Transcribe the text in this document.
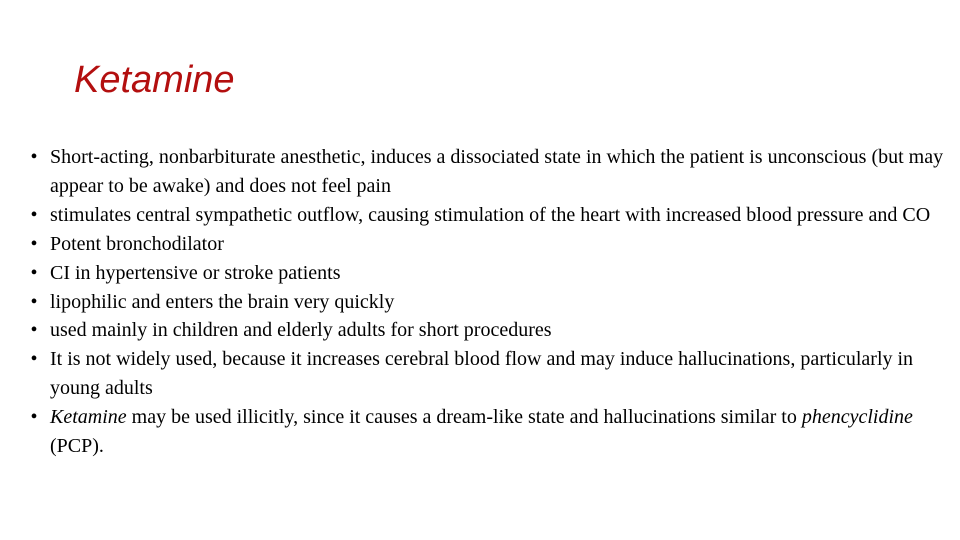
Ketamine
• Short-acting, nonbarbiturate anesthetic, induces a dissociated state in which the patient is unconscious (but may appear to be awake) and does not feel pain
• stimulates central sympathetic outflow, causing stimulation of the heart with increased blood pressure and CO
• Potent bronchodilator
• CI in hypertensive or stroke patients
• lipophilic and enters the brain very quickly
• used mainly in children and elderly adults for short procedures
• It is not widely used, because it increases cerebral blood flow and may induce hallucinations, particularly in young adults
• Ketamine may be used illicitly, since it causes a dream-like state and hallucinations similar to phencyclidine (PCP).
